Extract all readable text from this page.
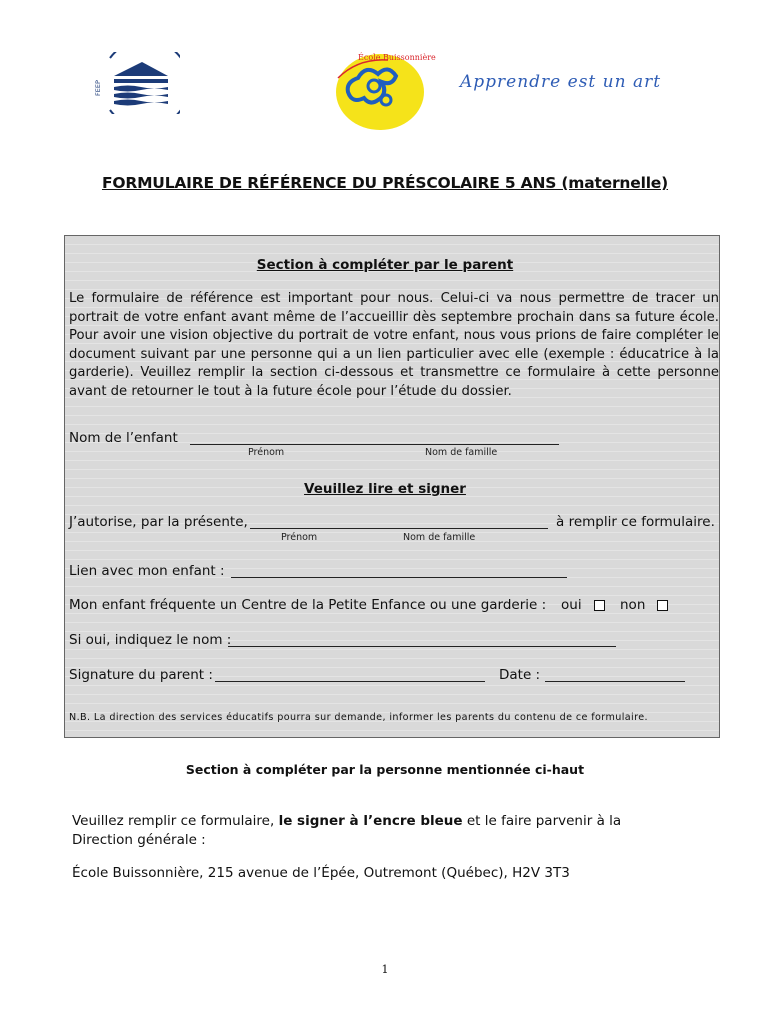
FEEP
École Buissonnière
Apprendre est un art
FORMULAIRE DE RÉFÉRENCE DU PRÉSCOLAIRE 5 ANS (maternelle)
Section à compléter par le parent
Le formulaire de référence est important pour nous. Celui-ci va nous permettre de tracer un portrait de votre enfant avant même de l’accueillir dès septembre prochain dans sa future école. Pour avoir une vision objective du portrait de votre enfant, nous vous prions de faire compléter le document suivant par une personne qui a un lien particulier avec elle (exemple : éducatrice à la garderie). Veuillez remplir la section ci-dessous et transmettre ce formulaire à cette personne avant de retourner le tout à la future école pour l’étude du dossier.
Nom de l’enfant
Prénom	Nom de famille
Veuillez lire et signer
J’autorise, par la présente,	à remplir ce formulaire.
Prénom	Nom de famille
Lien avec mon enfant :
Mon enfant fréquente un Centre de la Petite Enfance ou une garderie : oui	non
Si oui, indiquez le nom :
Signature du parent :	Date :
N.B. La direction des services éducatifs pourra sur demande, informer les parents du contenu de ce formulaire.
Section à compléter par la personne mentionnée ci-haut
Veuillez remplir ce formulaire, le signer à l’encre bleue et le faire parvenir à la Direction générale :
École Buissonnière, 215 avenue de l’Épée, Outremont (Québec), H2V 3T3
1
